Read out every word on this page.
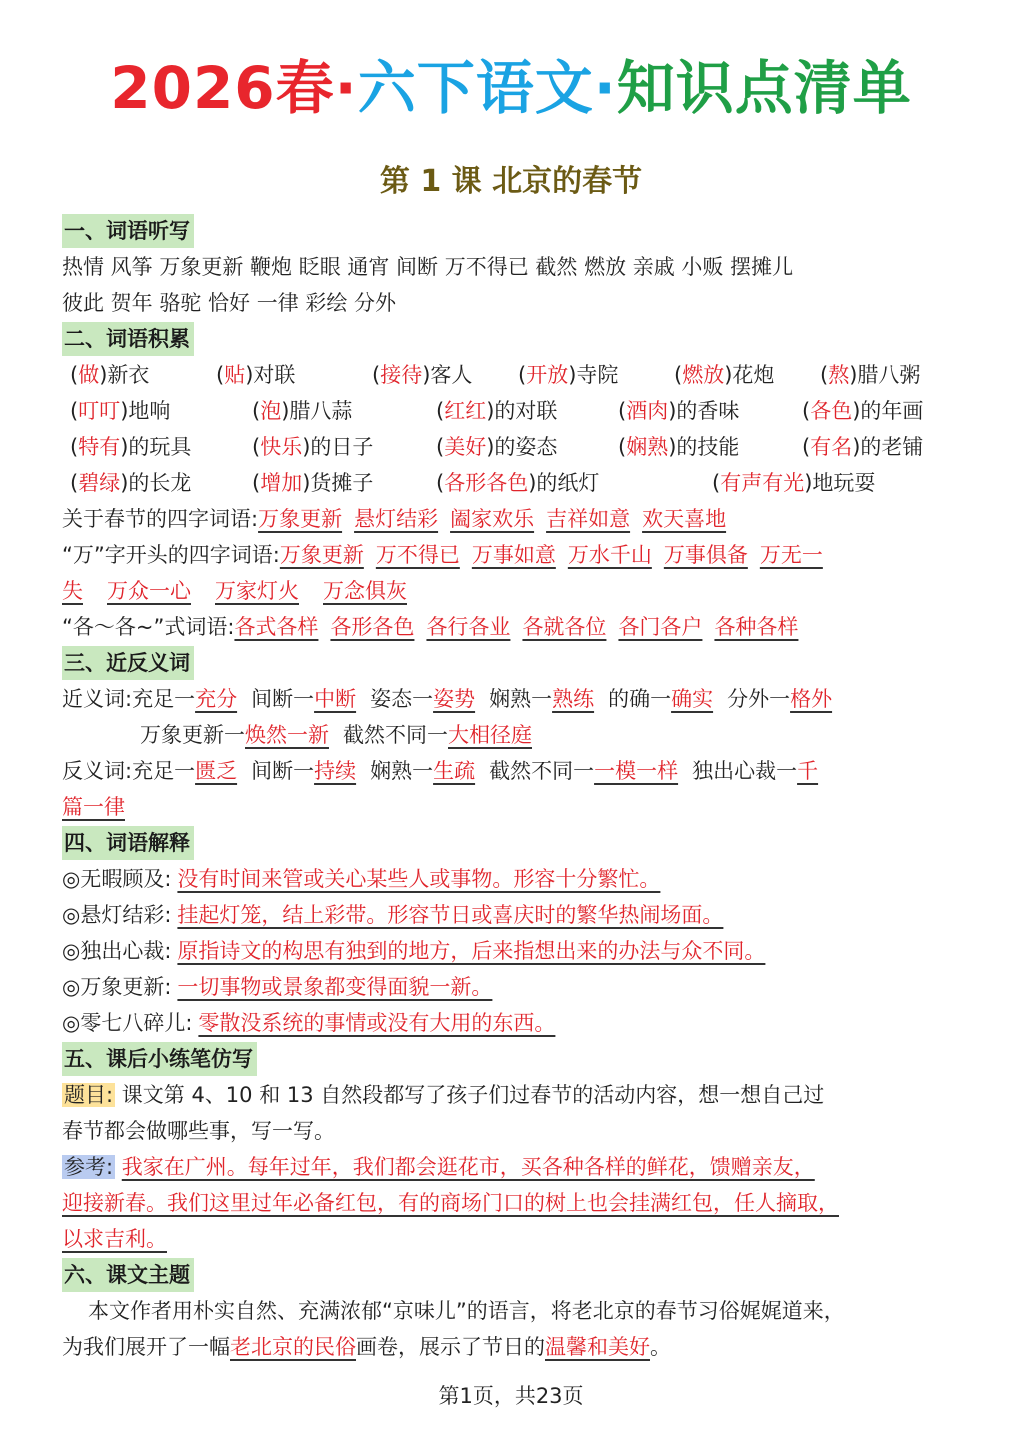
2026春·六下语文·知识点清单
第 1 课 北京的春节
一、词语听写
热情 风筝 万象更新 鞭炮 眨眼 通宵 间断 万不得已 截然 燃放 亲戚 小贩 摆摊儿
彼此 贺年 骆驼 恰好 一律 彩绘 分外
二、词语积累
(做)新衣	(贴)对联	(接待)客人 (开放)寺院	(燃放)花炮 (熬)腊八粥
(叮叮)地响	(泡)腊八蒜	(红红)的对联	(酒肉)的香味	(各色)的年画
(特有)的玩具	(快乐)的日子	(美好)的姿态	(娴熟)的技能	(有名)的老铺
(碧绿)的长龙	(增加)货摊子	(各形各色)的纸灯	(有声有光)地玩耍
关于春节的四字词语:万象更新 悬灯结彩 阖家欢乐 吉祥如意 欢天喜地
“万”字开头的四字词语:万象更新 万不得已 万事如意 万水千山 万事俱备 万无一
失 万众一心 万家灯火 万念俱灰
“各～各~”式词语:各式各样 各形各色 各行各业 各就各位 各门各户 各种各样
三、近反义词
近义词:充足一充分 间断一中断 姿态一姿势 娴熟一熟练 的确一确实 分外一格外
万象更新一焕然一新 截然不同一大相径庭
反义词:充足一匮乏 间断一持续 娴熟一生疏 截然不同一一模一样 独出心裁一千
篇一律
四、词语解释
◎无暇顾及: 没有时间来管或关心某些人或事物。形容十分繁忙。
◎悬灯结彩: 挂起灯笼，结上彩带。形容节日或喜庆时的繁华热闹场面。
◎独出心裁: 原指诗文的构思有独到的地方，后来指想出来的办法与众不同。
◎万象更新: 一切事物或景象都变得面貌一新。
◎零七八碎儿: 零散没系统的事情或没有大用的东西。
五、课后小练笔仿写
题目: 课文第 4、10 和 13 自然段都写了孩子们过春节的活动内容，想一想自己过
春节都会做哪些事，写一写。
参考: 我家在广州。每年过年，我们都会逛花市，买各种各样的鲜花，馈赠亲友，
迎接新春。我们这里过年必备红包，有的商场门口的树上也会挂满红包，任人摘取，
以求吉利。
六、课文主题
本文作者用朴实自然、充满浓郁“京味儿”的语言，将老北京的春节习俗娓娓道来，
为我们展开了一幅老北京的民俗画卷，展示了节日的温馨和美好。
第1页，共23页
